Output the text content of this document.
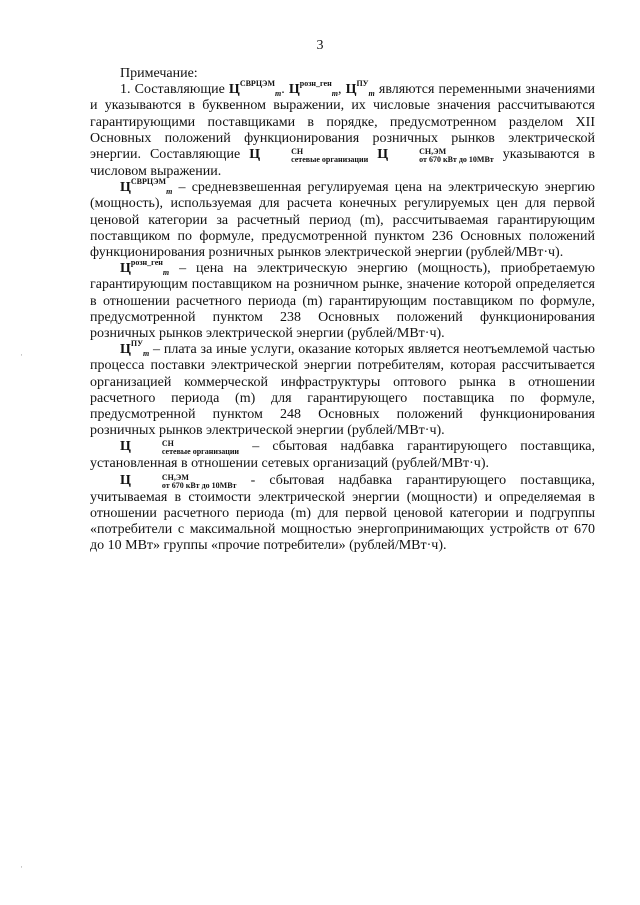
3

Примечание:

1. Составляющие $Ц^{СВРЦЭМ}_m$. $Ц^{розн\_ген}_m$, $Ц^{ПУ}_m$ являются переменными значениями и указываются в буквенном выражении, их числовые значения рассчитываются гарантирующими поставщиками в порядке, предусмотренном разделом XII Основных положений функционирования розничных рынков электрической энергии. Составляющие Ц	СН
сетевые организации Ц	СН,ЭМ
от 670 кВт до 10МВт указываются в числовом выражении.

$Ц^{СВРЦЭМ}_m$ – средневзвешенная регулируемая цена на электрическую энергию (мощность), используемая для расчета конечных регулируемых цен для первой ценовой категории за расчетный период (m), рассчитываемая гарантирующим поставщиком по формуле, предусмотренной пунктом 236 Основных положений функционирования розничных рынков электрической энергии (рублей/МВт·ч).

$Ц^{розн\_ген}_m$ – цена на электрическую энергию (мощность), приобретаемую гарантирующим поставщиком на розничном рынке, значение которой определяется в отношении расчетного периода (m) гарантирующим поставщиком по формуле, предусмотренной пунктом 238 Основных положений функционирования розничных рынков электрической энергии (рублей/МВт·ч).

$Ц^{ПУ}_m$ – плата за иные услуги, оказание которых является неотъемлемой частью процесса поставки электрической энергии потребителям, которая рассчитывается организацией коммерческой инфраструктуры оптового рынка в отношении расчетного периода (m) для гарантирующего поставщика по формуле, предусмотренной пунктом 248 Основных положений функционирования розничных рынков электрической энергии (рублей/МВт·ч).

Ц	СН
сетевые организации – сбытовая надбавка гарантирующего поставщика, установленная в отношении сетевых организаций (рублей/МВт·ч).

Ц	СН,ЭМ
от 670 кВт до 10МВт - сбытовая надбавка гарантирующего поставщика, учитываемая в стоимости электрической энергии (мощности) и определяемая в отношении расчетного периода (m) для первой ценовой категории и подгруппы «потребители с максимальной мощностью энергопринимающих устройств от 670 до 10 МВт» группы «прочие потребители» (рублей/МВт·ч).

·
·
